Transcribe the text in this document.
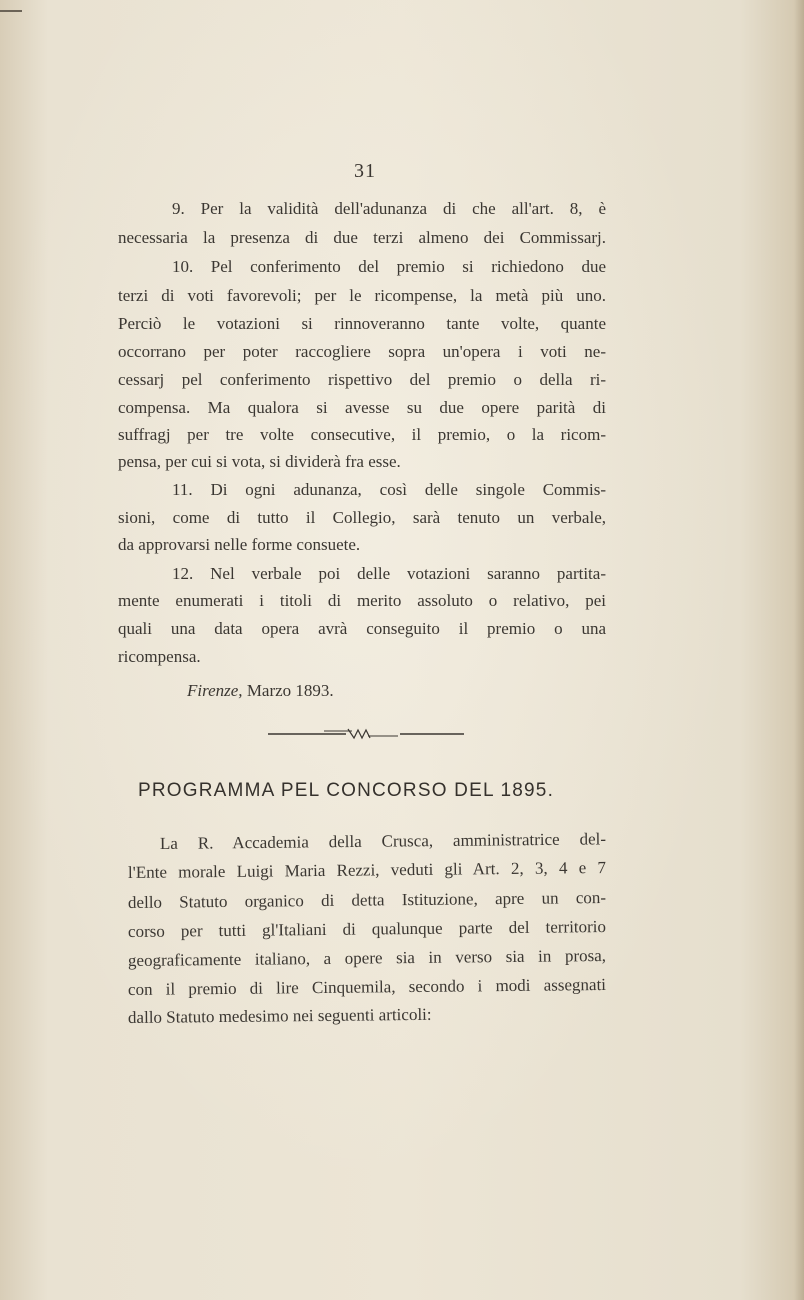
31
9. Per la validità dell'adunanza di che all'art. 8, è
necessaria la presenza di due terzi almeno dei Commissarj.
10. Pel conferimento del premio si richiedono due
terzi di voti favorevoli; per le ricompense, la metà più uno.
Perciò le votazioni si rinnoveranno tante volte, quante
occorrano per poter raccogliere sopra un'opera i voti ne-
cessarj pel conferimento rispettivo del premio o della ri-
compensa. Ma qualora si avesse su due opere parità di
suffragj per tre volte consecutive, il premio, o la ricom-
pensa, per cui si vota, si dividerà fra esse.
11. Di ogni adunanza, così delle singole Commis-
sioni, come di tutto il Collegio, sarà tenuto un verbale,
da approvarsi nelle forme consuete.
12. Nel verbale poi delle votazioni saranno partita-
mente enumerati i titoli di merito assoluto o relativo, pei
quali una data opera avrà conseguito il premio o una
ricompensa.
Firenze, Marzo 1893.
PROGRAMMA PEL CONCORSO DEL 1895.
La R. Accademia della Crusca, amministratrice del-
l'Ente morale Luigi Maria Rezzi, veduti gli Art. 2, 3, 4 e 7
dello Statuto organico di detta Istituzione, apre un con-
corso per tutti gl'Italiani di qualunque parte del territorio
geograficamente italiano, a opere sia in verso sia in prosa,
con il premio di lire Cinquemila, secondo i modi assegnati
dallo Statuto medesimo nei seguenti articoli:
